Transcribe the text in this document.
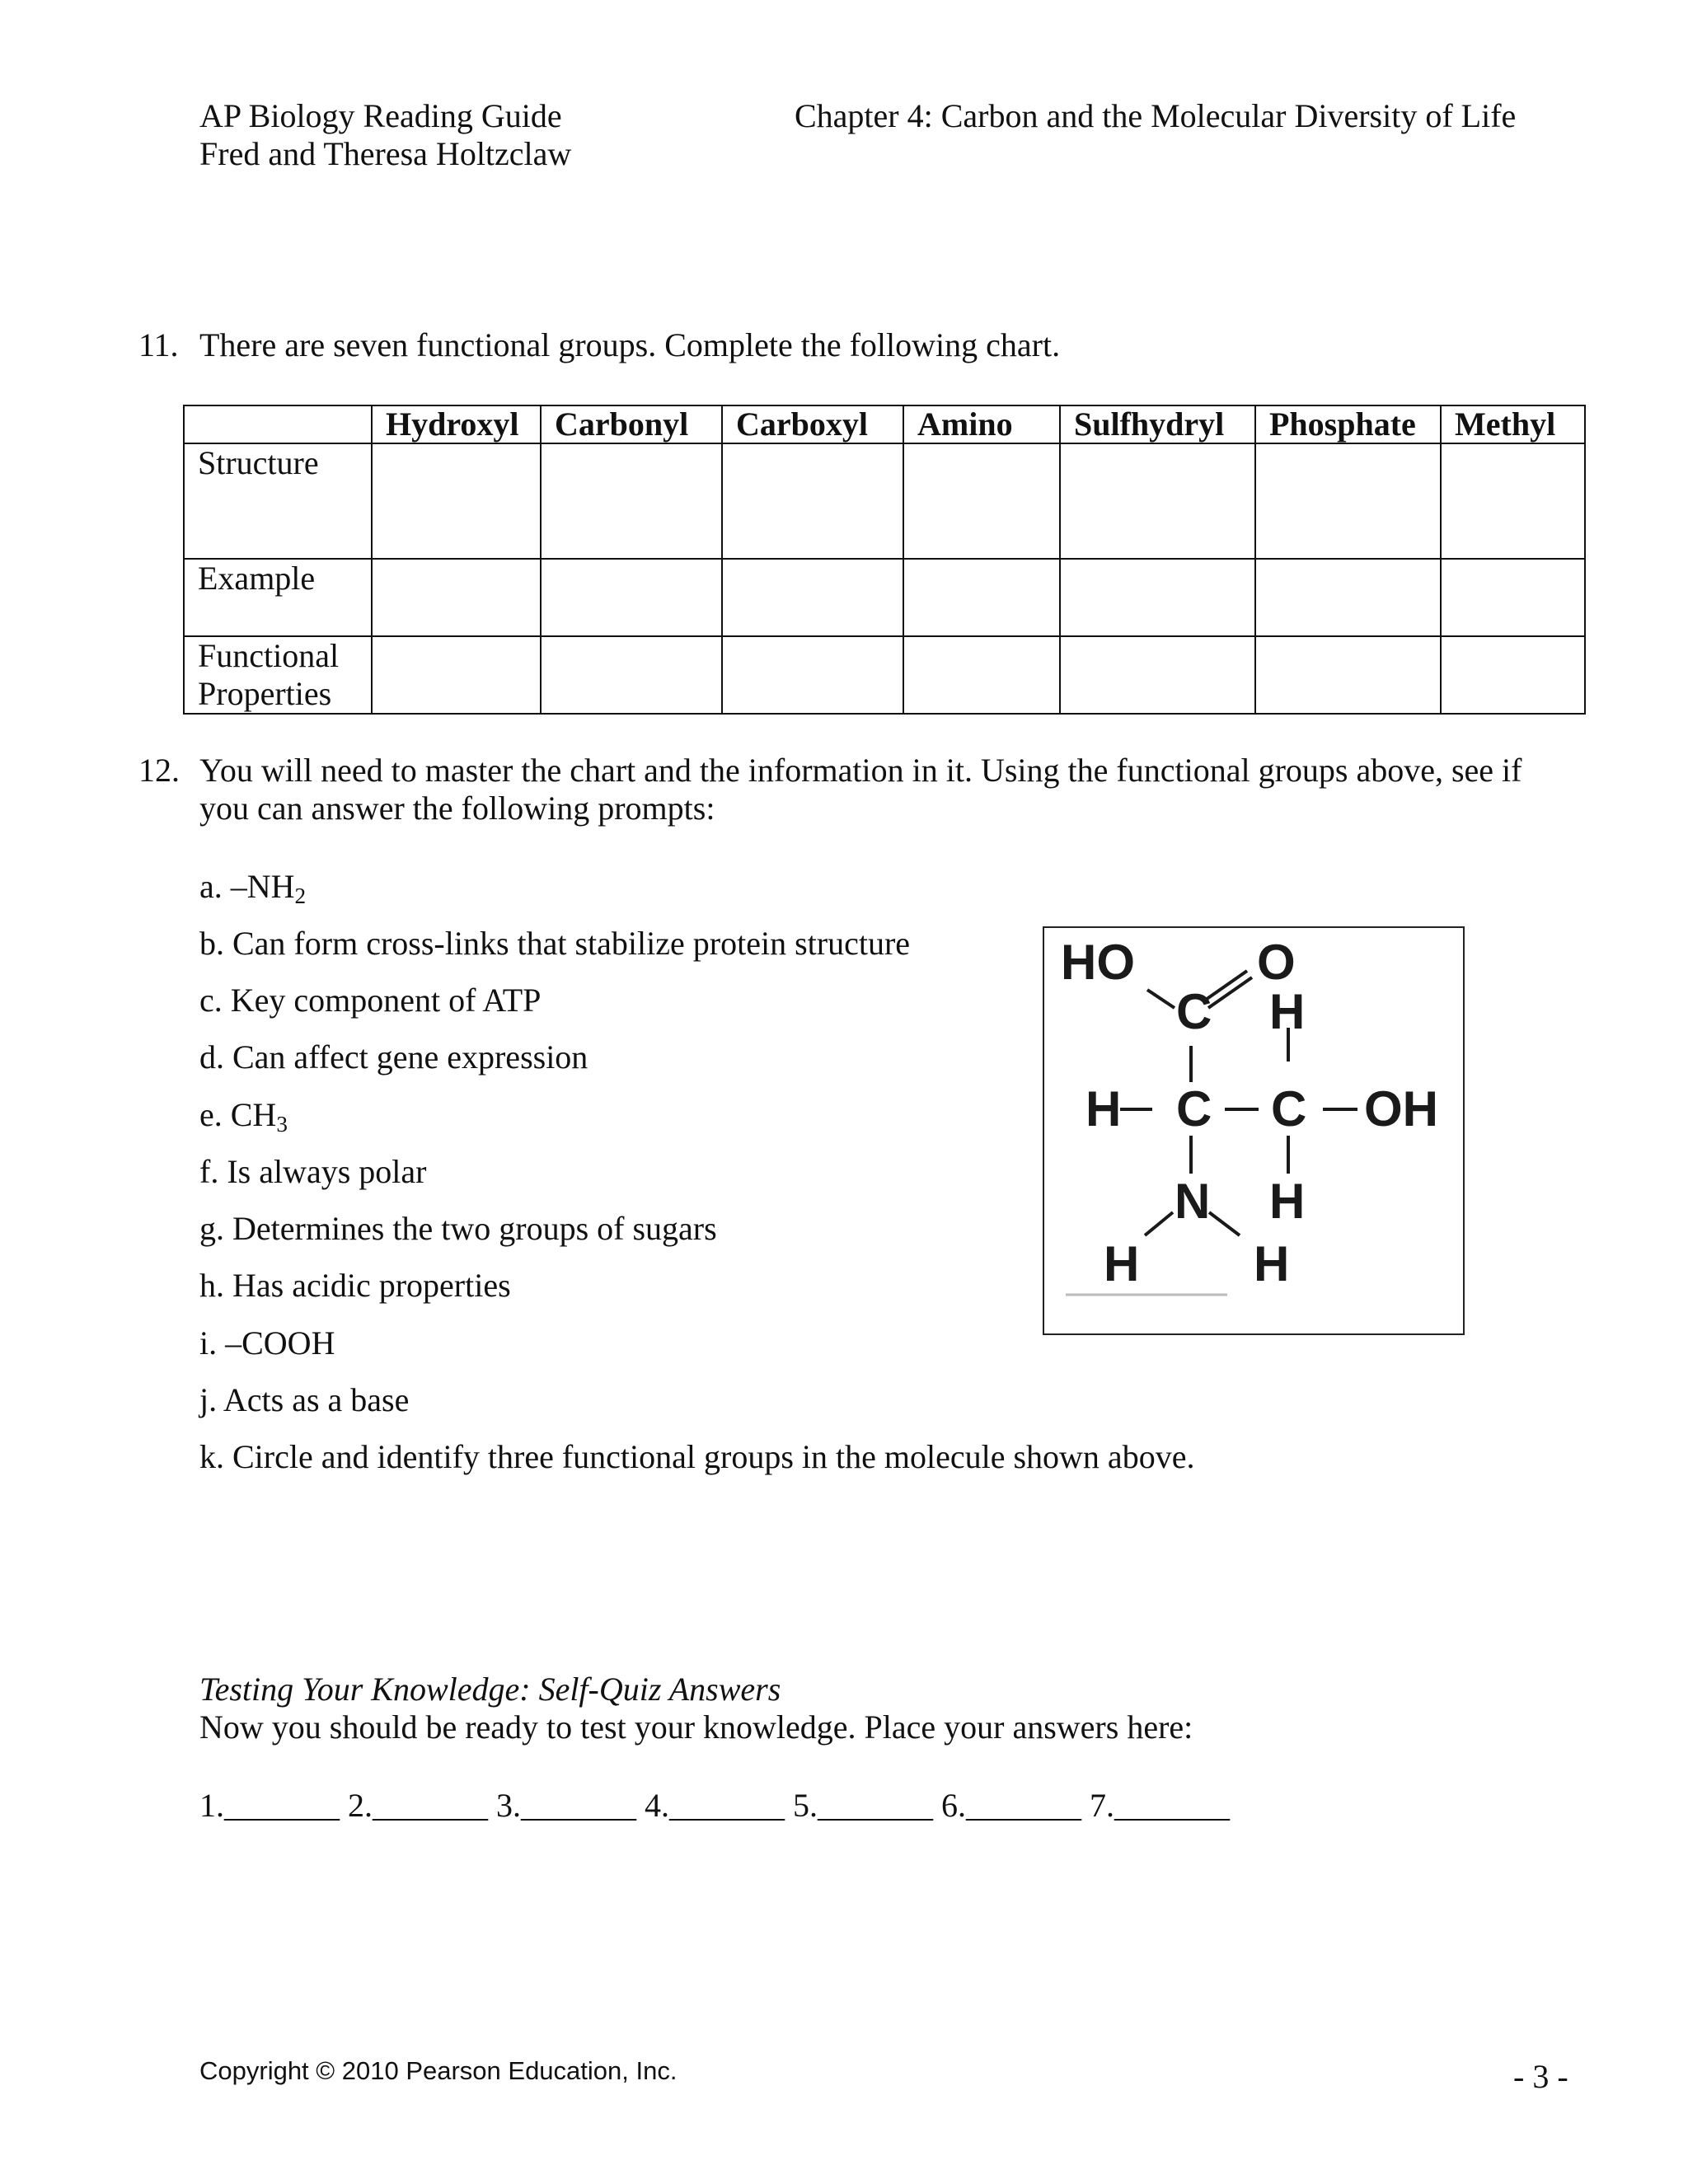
AP Biology Reading Guide
Fred and Theresa Holtzclaw
Chapter 4: Carbon and the Molecular Diversity of Life
11. There are seven functional groups. Complete the following chart.
	Hydroxyl	Carbonyl	Carboxyl	Amino	Sulfhydryl	Phosphate	Methyl
Structure							
Example							

Functional
Properties							

12. You will need to master the chart and the information in it. Using the functional groups above, see if
you can answer the following prompts:
a. $-NH_2$
b. Can form cross-links that stabilize protein structure
c. Key component of ATP
d. Can affect gene expression
e. $CH_3$
f. Is always polar
g. Determines the two groups of sugars
h. Has acidic properties
i. –COOH
j. Acts as a base
k. Circle and identify three functional groups in the molecule shown above.
HO O
C H
H C C OH
N H
H H
Testing Your Knowledge: Self-Quiz Answers
Now you should be ready to test your knowledge. Place your answers here:
1._______ 2._______ 3._______ 4._______ 5._______ 6._______ 7._______
Copyright © 2010 Pearson Education, Inc.	- 3 -
